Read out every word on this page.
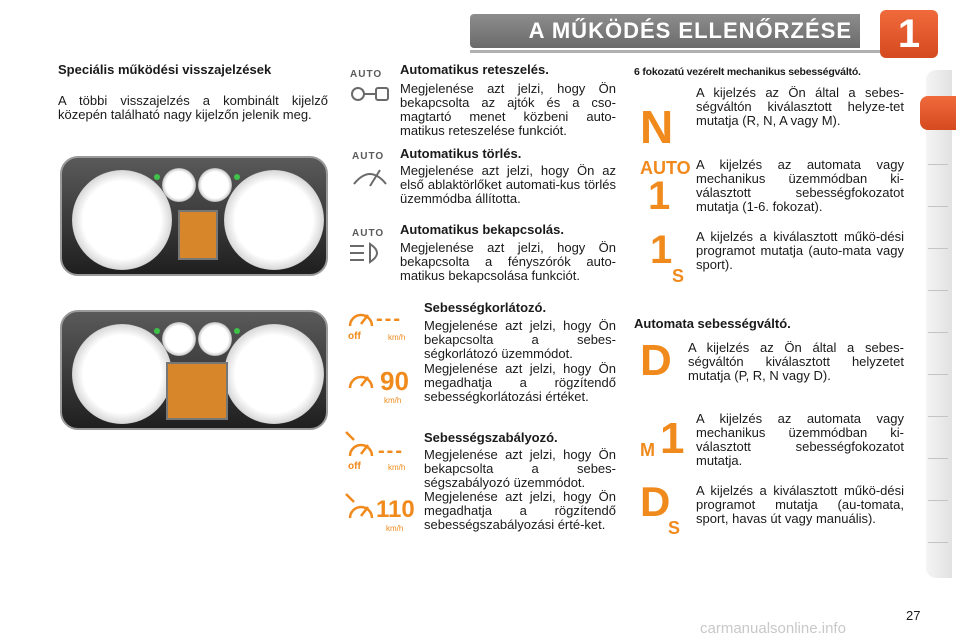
A MŰKÖDÉS ELLENŐRZÉSE	1
Speciális működési visszajelzések
A többi visszajelzés a kombinált kijelző közepén található nagy kijelzőn jelenik meg.
AUTO Automatikus reteszelés.
Megjelenése azt jelzi, hogy Ön bekapcsolta az ajtók és a cso-magtartó menet közbeni auto-matikus reteszelése funkciót.
AUTO Automatikus törlés.
Megjelenése azt jelzi, hogy Ön az első ablaktörlőket automati-kus törlés üzemmódba állította.
AUTO Automatikus bekapcsolás.
Megjelenése azt jelzi, hogy Ön bekapcsolta a fényszórók auto-matikus bekapcsolása funkciót.
---
off	km/h
90
km/h
Sebességkorlátozó.
Megjelenése azt jelzi, hogy Ön bekapcsolta a sebes-ségkorlátozó üzemmódot.
Megjelenése azt jelzi, hogy Ön megadhatja a rögzítendő sebességkorlátozási értéket.
---
off	km/h
110
km/h
Sebességszabályozó.
Megjelenése azt jelzi, hogy Ön bekapcsolta a sebes-ségszabályozó üzemmódot.
Megjelenése azt jelzi, hogy Ön megadhatja a rögzítendő sebességszabályozási érté-ket.
6 fokozatú vezérelt mechanikus sebességváltó.
N
A kijelzés az Ön által a sebes-ségváltón kiválasztott helyze-tet mutatja (R, N, A vagy M).
AUTO
1
A kijelzés az automata vagy mechanikus üzemmódban ki-választott sebességfokozatot mutatja (1-6. fokozat).
1
S
A kijelzés a kiválasztott műkö-dési programot mutatja (auto-mata vagy sport).
Automata sebességváltó.
D A kijelzés az Ön által a sebes-ségváltón kiválasztott helyzetet mutatja (P, R, N vagy D).
M 1 A kijelzés az automata vagy mechanikus üzemmódban ki-választott sebességfokozatot mutatja.
D
S
A kijelzés a kiválasztott műkö-dési programot mutatja (au-tomata, sport, havas út vagy manuális).
27
carmanualsonline.info
